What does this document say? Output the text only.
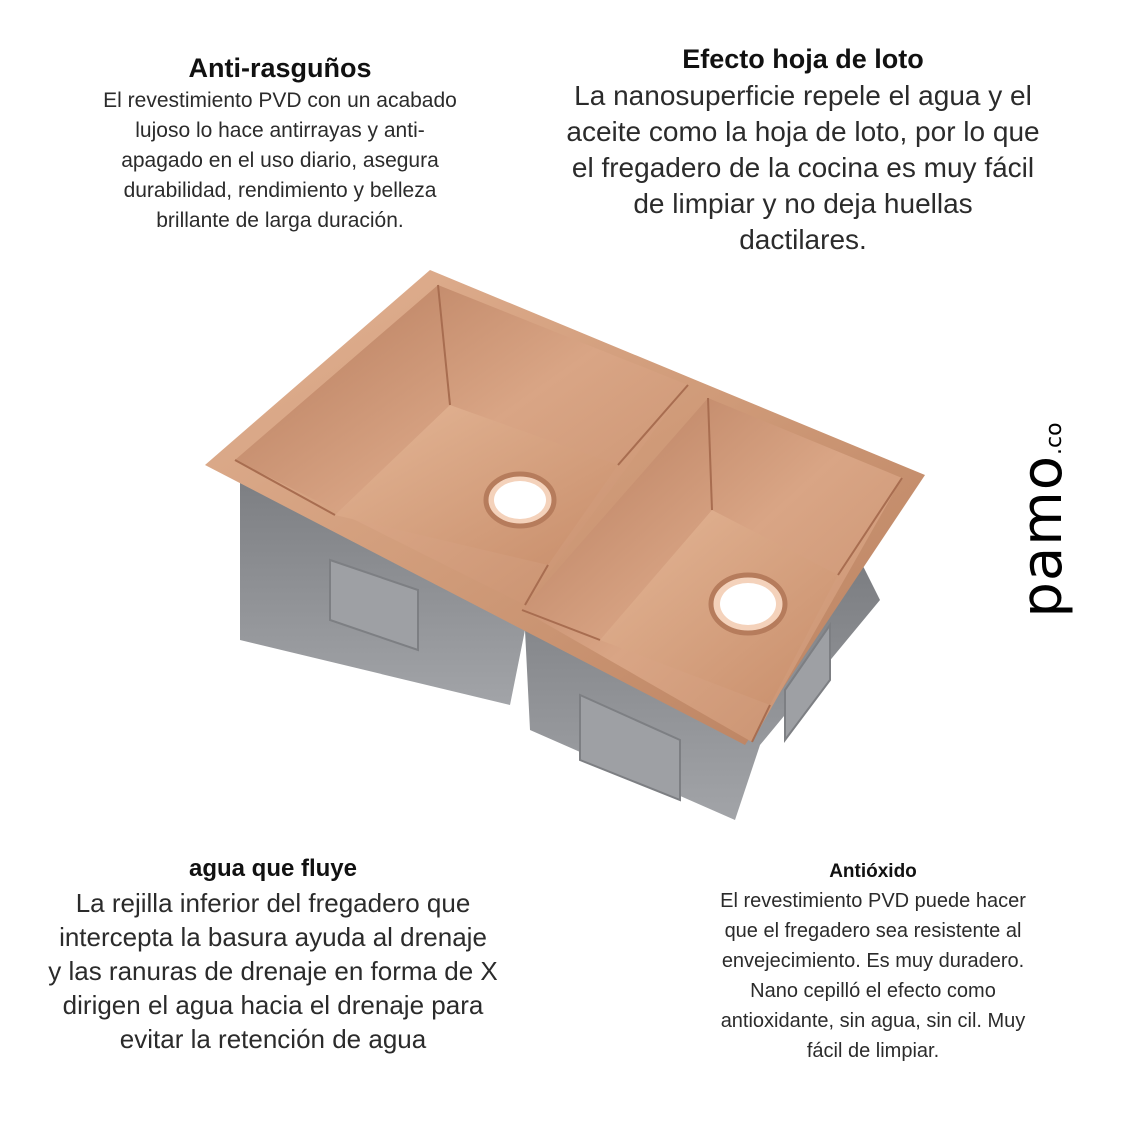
Anti-rasguños

El revestimiento PVD con un acabado
lujoso lo hace antirrayas y anti-
apagado en el uso diario, asegura
durabilidad, rendimiento y belleza
brillante de larga duración.

Efecto hoja de loto

La nanosuperficie repele el agua y el
aceite como la hoja de loto, por lo que
el fregadero de la cocina es muy fácil
de limpiar y no deja huellas
dactilares.

agua que fluye

La rejilla inferior del fregadero que
intercepta la basura ayuda al drenaje
y las ranuras de drenaje en forma de X
dirigen el agua hacia el drenaje para
evitar la retención de agua

Antióxido

El revestimiento PVD puede hacer
que el fregadero sea resistente al
envejecimiento. Es muy duradero.
Nano cepilló el efecto como
antioxidante, sin agua, sin cil. Muy
fácil de limpiar.

pamo
.co
